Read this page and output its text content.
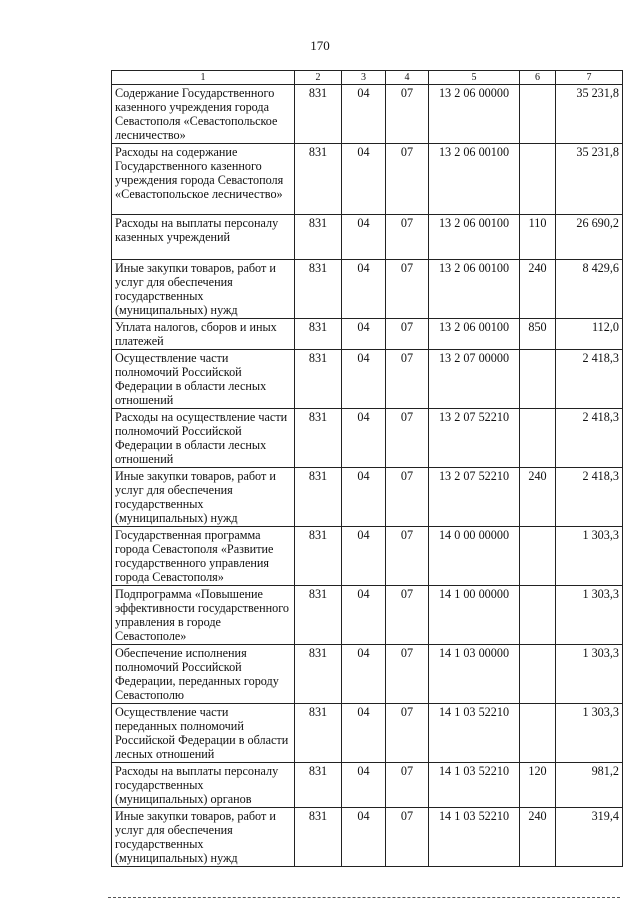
170
1	2	3	4	5	6	7
Содержание Государственного казенного учреждения города Севастополя «Севастопольское лесничество»	831	04	07	13 2 06 00000		35 231,8
Расходы на содержание Государственного казенного учреждения города Севастополя «Севастопольское лесничество»	831	04	07	13 2 06 00100		35 231,8
Расходы на выплаты персоналу казенных учреждений	831	04	07	13 2 06 00100	110	26 690,2
Иные закупки товаров, работ и услуг для обеспечения государственных (муниципальных) нужд	831	04	07	13 2 06 00100	240	8 429,6
Уплата налогов, сборов и иных платежей	831	04	07	13 2 06 00100	850	112,0
Осуществление части полномочий Российской Федерации в области лесных отношений	831	04	07	13 2 07 00000		2 418,3
Расходы на осуществление части полномочий Российской Федерации в области лесных отношений	831	04	07	13 2 07 52210		2 418,3
Иные закупки товаров, работ и услуг для обеспечения государственных (муниципальных) нужд	831	04	07	13 2 07 52210	240	2 418,3
Государственная программа города Севастополя «Развитие государственного управления города Севастополя»	831	04	07	14 0 00 00000		1 303,3
Подпрограмма «Повышение эффективности государственного управления в городе Севастополе»	831	04	07	14 1 00 00000		1 303,3
Обеспечение исполнения полномочий Российской Федерации, переданных городу Севастополю	831	04	07	14 1 03 00000		1 303,3
Осуществление части переданных полномочий Российской Федерации в области лесных отношений	831	04	07	14 1 03 52210		1 303,3
Расходы на выплаты персоналу государственных (муниципальных) органов	831	04	07	14 1 03 52210	120	981,2
Иные закупки товаров, работ и услуг для обеспечения государственных (муниципальных) нужд	831	04	07	14 1 03 52210	240	319,4
